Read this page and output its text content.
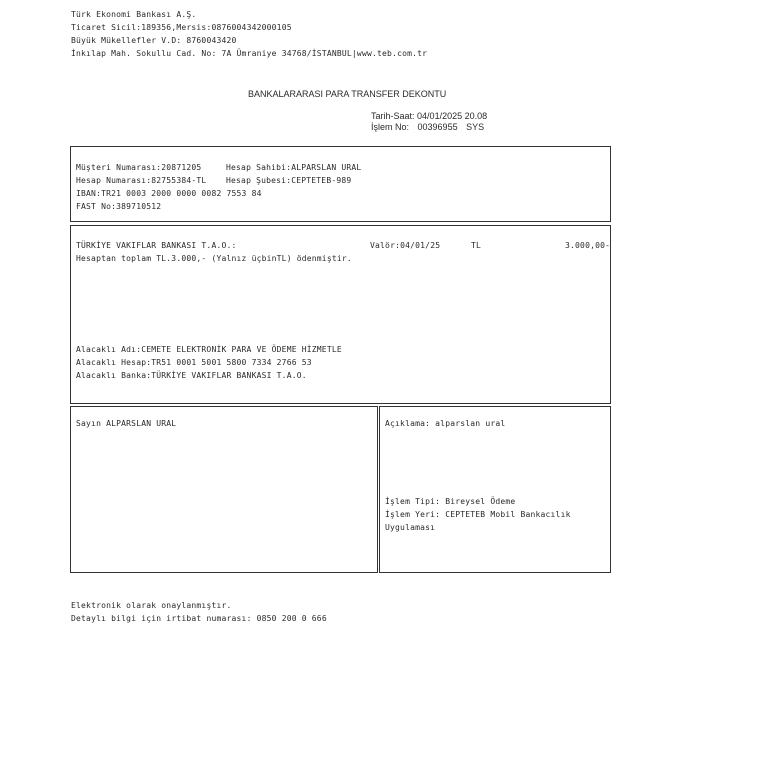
Türk Ekonomi Bankası A.Ş.
Ticaret Sicil:189356,Mersis:0876004342000105
Büyük Mükellefler V.D: 8760043420
İnkılap Mah. Sokullu Cad. No: 7A Ümraniye 34768/İSTANBUL|www.teb.com.tr
BANKALARARASI PARA TRANSFER DEKONTU
Tarih-Saat: 04/01/2025 20.08
İşlem No: 00396955 SYS
Müşteri Numarası:20871205	Hesap Sahibi:ALPARSLAN URAL
Hesap Numarası:82755384-TL Hesap Şubesi:CEPTETEB-989
IBAN:TR21 0003 2000 0000 0082 7553 84
FAST No:389710512
TÜRKİYE VAKIFLAR BANKASI T.A.O.:	Valör:04/01/25	TL	3.000,00-
Hesaptan toplam TL.3.000,- (Yalnız üçbinTL) ödenmiştir.
Alacaklı Adı:CEMETE ELEKTRONİK PARA VE ÖDEME HİZMETLE
Alacaklı Hesap:TR51 0001 5001 5800 7334 2766 53
Alacaklı Banka:TÜRKİYE VAKIFLAR BANKASI T.A.O.
Sayın ALPARSLAN URAL	Açıklama: alparslan ural
İşlem Tipi: Bireysel Ödeme
İşlem Yeri: CEPTETEB Mobil Bankacılık
Uygulaması
Elektronik olarak onaylanmıştır.
Detaylı bilgi için irtibat numarası: 0850 200 0 666
